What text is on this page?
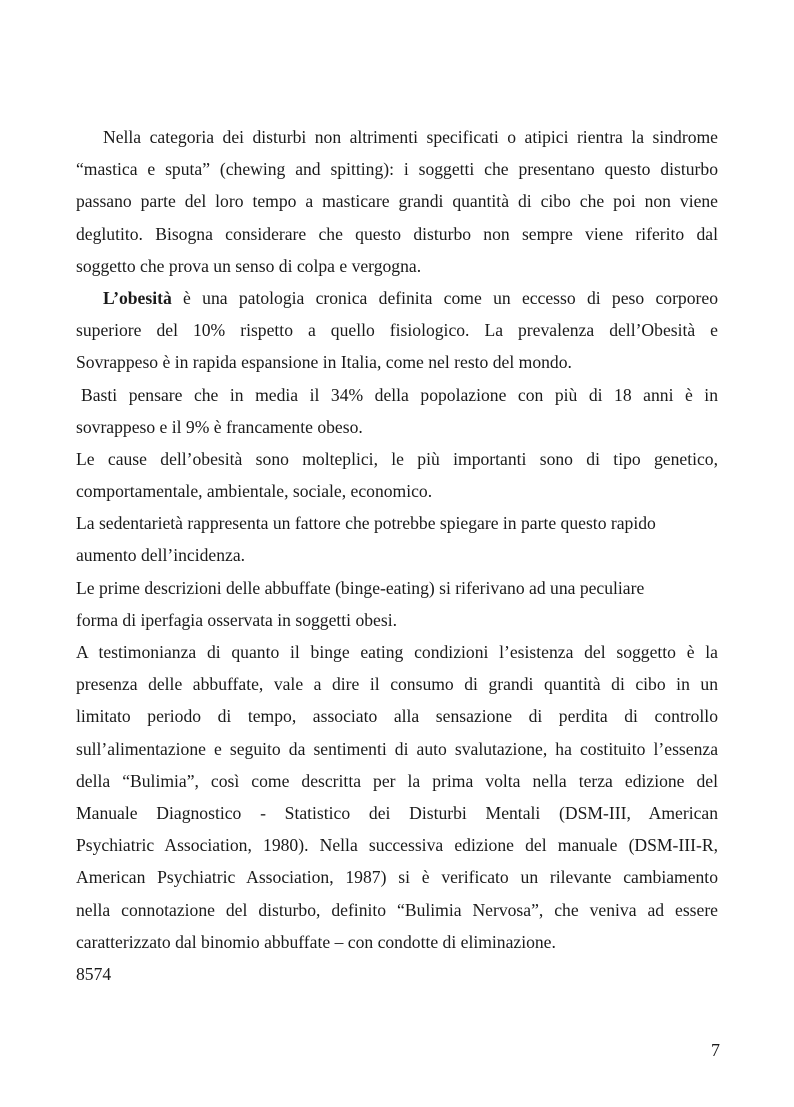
Nella categoria dei disturbi non altrimenti specificati o atipici rientra la sindrome
“mastica e sputa” (chewing and spitting): i soggetti che presentano questo disturbo
passano parte del loro tempo a masticare grandi quantità di cibo che poi non viene
deglutito. Bisogna considerare che questo disturbo non sempre viene riferito dal
soggetto che prova un senso di colpa e vergogna.
L’obesità è una patologia cronica definita come un eccesso di peso corporeo
superiore del 10% rispetto a quello fisiologico. La prevalenza dell’Obesità e
Sovrappeso è in rapida espansione in Italia, come nel resto del mondo.
Basti pensare che in media il 34% della popolazione con più di 18 anni è in
sovrappeso e il 9% è francamente obeso.
Le cause dell’obesità sono molteplici, le più importanti sono di tipo genetico,
comportamentale, ambientale, sociale, economico.
La sedentarietà rappresenta un fattore che potrebbe spiegare in parte questo rapido
aumento dell’incidenza.
Le prime descrizioni delle abbuffate (binge-eating) si riferivano ad una peculiare
forma di iperfagia osservata in soggetti obesi.
A testimonianza di quanto il binge eating condizioni l’esistenza del soggetto è la
presenza delle abbuffate, vale a dire il consumo di grandi quantità di cibo in un
limitato periodo di tempo, associato alla sensazione di perdita di controllo
sull’alimentazione e seguito da sentimenti di auto svalutazione, ha costituito l’essenza
della “Bulimia”, così come descritta per la prima volta nella terza edizione del
Manuale Diagnostico - Statistico dei Disturbi Mentali (DSM-III, American
Psychiatric Association, 1980). Nella successiva edizione del manuale (DSM-III-R,
American Psychiatric Association, 1987) si è verificato un rilevante cambiamento
nella connotazione del disturbo, definito “Bulimia Nervosa”, che veniva ad essere
caratterizzato dal binomio abbuffate – con condotte di eliminazione.
8574
7
